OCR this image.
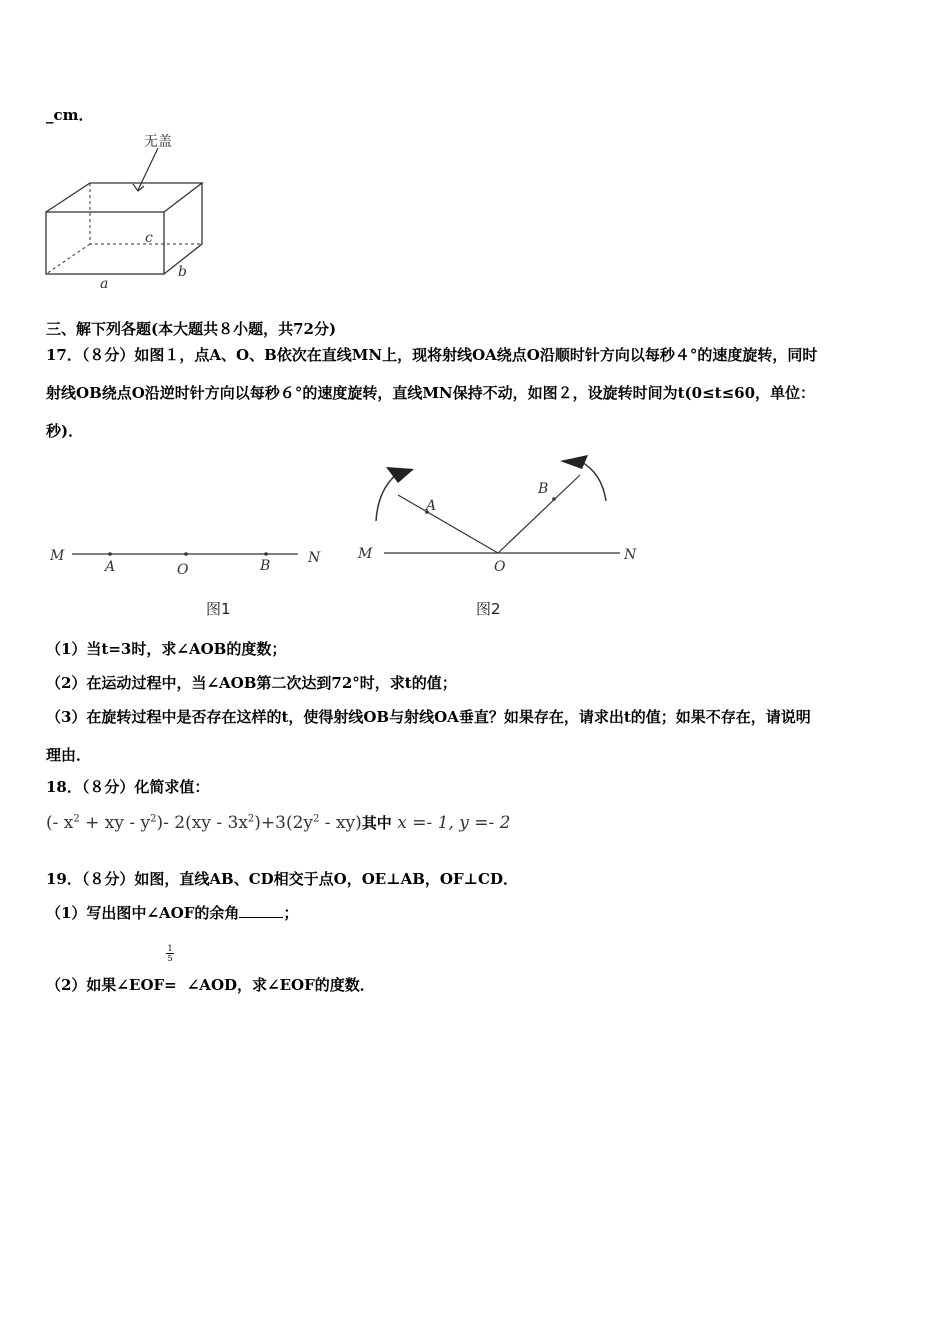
_cm．
无盖
a
b
c
三、解下列各题(本大题共８小题，共72分)
17．（８分）如图１，点A、O、B依次在直线MN上，现将射线OA绕点O沿顺时针方向以每秒４°的速度旋转，同时
射线OB绕点O沿逆时针方向以每秒６°的速度旋转，直线MN保持不动，如图２，设旋转时间为t(0≤t≤60，单位：
秒)．
M
A	O	B	N
图1
M
A
O
B
N
图2
（1）当t=3时，求∠AOB的度数；
（2）在运动过程中，当∠AOB第二次达到72°时，求t的值；
（3）在旋转过程中是否存在这样的t，使得射线OB与射线OA垂直？如果存在，请求出t的值；如果不存在，请说明
理由．
18．（８分）化简求值：
(- $x^2$ + xy - $y^2)-$ $2(xy - 3x^2)+3(2y^2 - xy)$其中 x =- 1, y =- 2
19．（８分）如图，直线AB、CD相交于点O，OE⊥AB，OF⊥CD．
（1）写出图中∠AOF的余角	；
$\frac{1}{5}$
（2）如果∠EOF= ∠AOD，求∠EOF的度数．
